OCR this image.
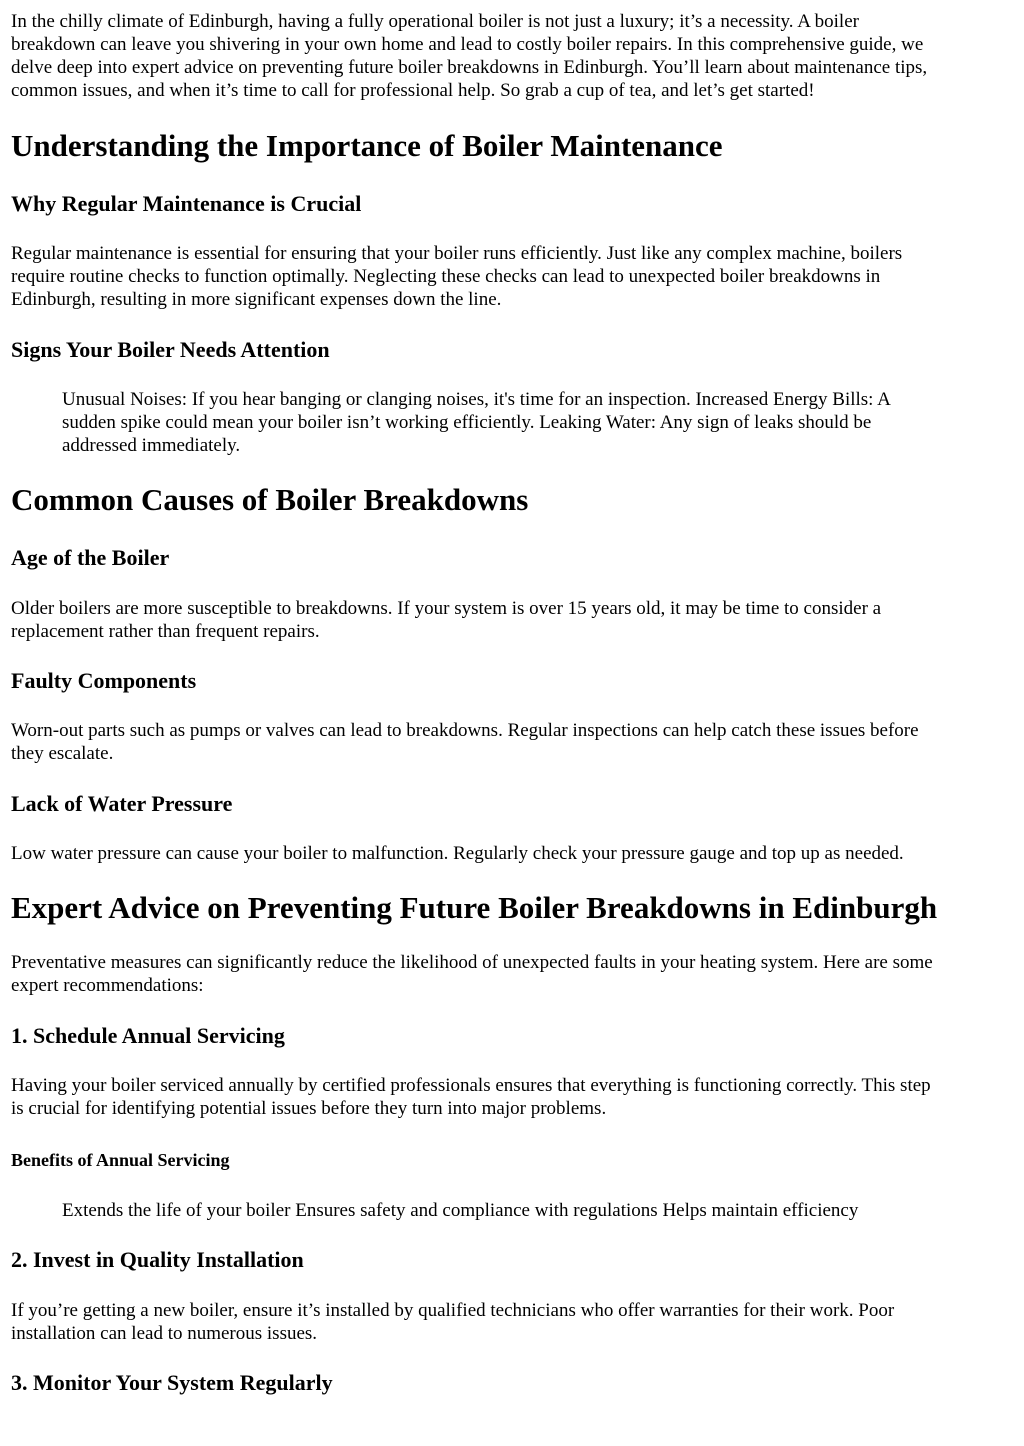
In the chilly climate of Edinburgh, having a fully operational boiler is not just a luxury; it’s a necessity. A boiler
breakdown can leave you shivering in your own home and lead to costly boiler repairs. In this comprehensive guide, we
delve deep into expert advice on preventing future boiler breakdowns in Edinburgh. You’ll learn about maintenance tips,
common issues, and when it’s time to call for professional help. So grab a cup of tea, and let’s get started!

Understanding the Importance of Boiler Maintenance
Why Regular Maintenance is Crucial

Regular maintenance is essential for ensuring that your boiler runs efficiently. Just like any complex machine, boilers
require routine checks to function optimally. Neglecting these checks can lead to unexpected boiler breakdowns in
Edinburgh, resulting in more significant expenses down the line.

Signs Your Boiler Needs Attention

Unusual Noises: If you hear banging or clanging noises, it's time for an inspection. Increased Energy Bills: A
sudden spike could mean your boiler isn’t working efficiently. Leaking Water: Any sign of leaks should be
addressed immediately.

Common Causes of Boiler Breakdowns
Age of the Boiler

Older boilers are more susceptible to breakdowns. If your system is over 15 years old, it may be time to consider a
replacement rather than frequent repairs.

Faulty Components

Worn-out parts such as pumps or valves can lead to breakdowns. Regular inspections can help catch these issues before
they escalate.

Lack of Water Pressure

Low water pressure can cause your boiler to malfunction. Regularly check your pressure gauge and top up as needed.

Expert Advice on Preventing Future Boiler Breakdowns in Edinburgh

Preventative measures can significantly reduce the likelihood of unexpected faults in your heating system. Here are some
expert recommendations:

1. Schedule Annual Servicing

Having your boiler serviced annually by certified professionals ensures that everything is functioning correctly. This step
is crucial for identifying potential issues before they turn into major problems.

Benefits of Annual Servicing

Extends the life of your boiler Ensures safety and compliance with regulations Helps maintain efficiency

2. Invest in Quality Installation

If you’re getting a new boiler, ensure it’s installed by qualified technicians who offer warranties for their work. Poor
installation can lead to numerous issues.

3. Monitor Your System Regularly
